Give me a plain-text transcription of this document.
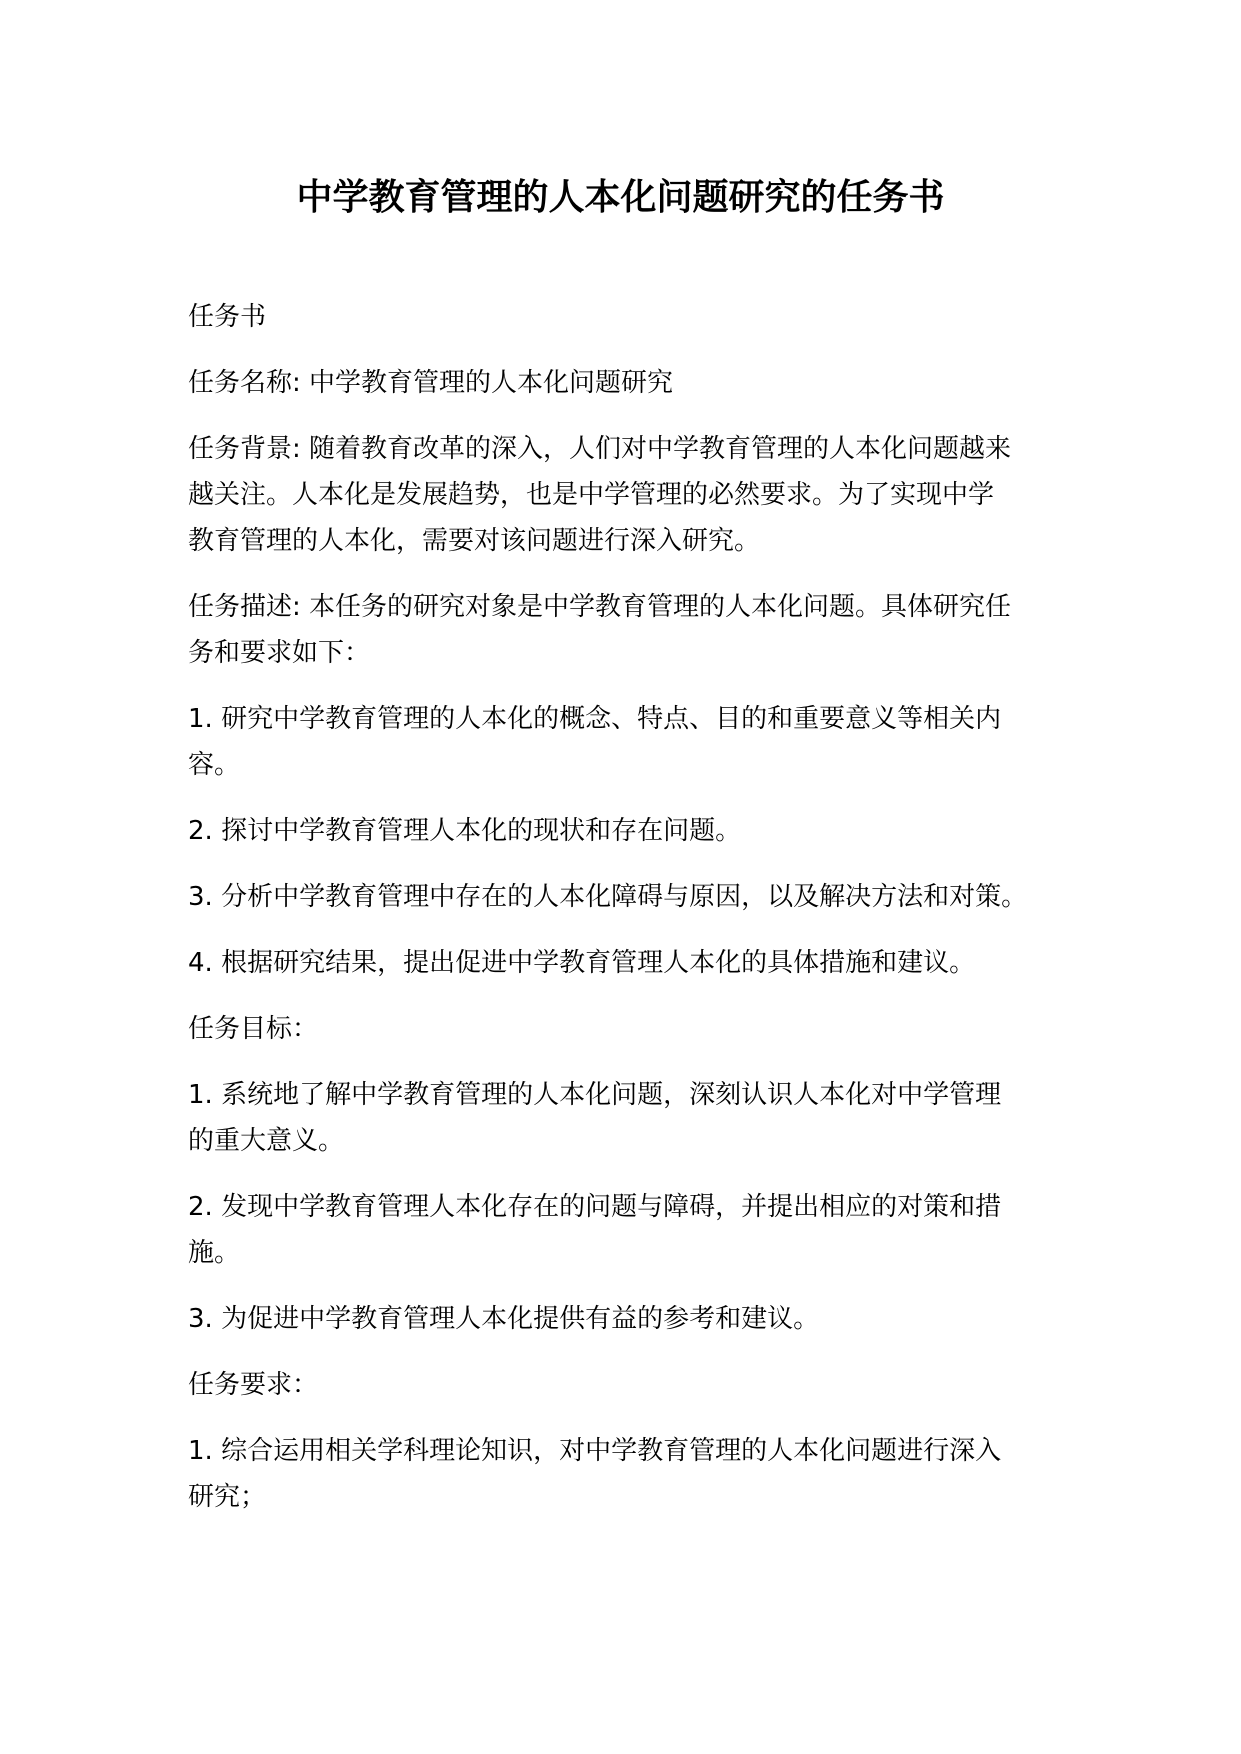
中学教育管理的人本化问题研究的任务书

任务书

任务名称: 中学教育管理的人本化问题研究

任务背景: 随着教育改革的深入，人们对中学教育管理的人本化问题越来
越关注。人本化是发展趋势，也是中学管理的必然要求。为了实现中学
教育管理的人本化，需要对该问题进行深入研究。

任务描述: 本任务的研究对象是中学教育管理的人本化问题。具体研究任
务和要求如下：

1. 研究中学教育管理的人本化的概念、特点、目的和重要意义等相关内
容。

2. 探讨中学教育管理人本化的现状和存在问题。

3. 分析中学教育管理中存在的人本化障碍与原因，以及解决方法和对策。

4. 根据研究结果，提出促进中学教育管理人本化的具体措施和建议。

任务目标：

1. 系统地了解中学教育管理的人本化问题，深刻认识人本化对中学管理
的重大意义。

2. 发现中学教育管理人本化存在的问题与障碍，并提出相应的对策和措
施。

3. 为促进中学教育管理人本化提供有益的参考和建议。

任务要求：

1. 综合运用相关学科理论知识，对中学教育管理的人本化问题进行深入
研究；
